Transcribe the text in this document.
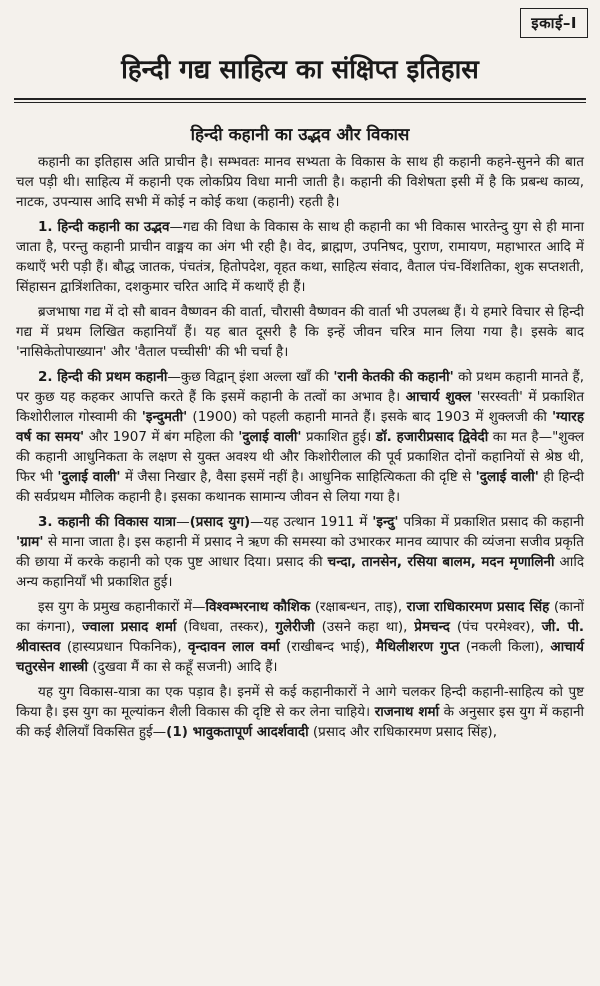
इकाई–I
हिन्दी गद्य साहित्य का संक्षिप्त इतिहास
हिन्दी कहानी का उद्भव और विकास

कहानी का इतिहास अति प्राचीन है। सम्भवतः मानव सभ्यता के विकास के साथ ही कहानी कहने-सुनने की बात चल पड़ी थी। साहित्य में कहानी एक लोकप्रिय विधा मानी जाती है। कहानी की विशेषता इसी में है कि प्रबन्ध काव्य, नाटक, उपन्यास आदि सभी में कोई न कोई कथा (कहानी) रहती है।

1. हिन्दी कहानी का उद्भव—गद्य की विधा के विकास के साथ ही कहानी का भी विकास भारतेन्दु युग से ही माना जाता है, परन्तु कहानी प्राचीन वाङ्मय का अंग भी रही है। वेद, ब्राह्मण, उपनिषद, पुराण, रामायण, महाभारत आदि में कथाएँ भरी पड़ी हैं। बौद्ध जातक, पंचतंत्र, हितोपदेश, वृहत कथा, साहित्य संवाद, वैताल पंच-विंशतिका, शुक सप्तशती, सिंहासन द्वात्रिंशतिका, दशकुमार चरित आदि में कथाएँ ही हैं।

ब्रजभाषा गद्य में दो सौ बावन वैष्णवन की वार्ता, चौरासी वैष्णवन की वार्ता भी उपलब्ध हैं। ये हमारे विचार से हिन्दी गद्य में प्रथम लिखित कहानियाँ हैं। यह बात दूसरी है कि इन्हें जीवन चरित्र मान लिया गया है। इसके बाद 'नासिकेतोपाख्यान' और 'वैताल पच्चीसी' की भी चर्चा है।

2. हिन्दी की प्रथम कहानी—कुछ विद्वान् इंशा अल्ला खाँ की 'रानी केतकी की कहानी' को प्रथम कहानी मानते हैं, पर कुछ यह कहकर आपत्ति करते हैं कि इसमें कहानी के तत्वों का अभाव है। आचार्य शुक्ल 'सरस्वती' में प्रकाशित किशोरीलाल गोस्वामी की 'इन्दुमती' (1900) को पहली कहानी मानते हैं। इसके बाद 1903 में शुक्लजी की 'ग्यारह वर्ष का समय' और 1907 में बंग महिला की 'दुलाई वाली' प्रकाशित हुई। डॉ. हजारीप्रसाद द्विवेदी का मत है—"शुक्ल की कहानी आधुनिकता के लक्षण से युक्त अवश्य थी और किशोरीलाल की पूर्व प्रकाशित दोनों कहानियों से श्रेष्ठ थी, फिर भी 'दुलाई वाली' में जैसा निखार है, वैसा इसमें नहीं है। आधुनिक साहित्यिकता की दृष्टि से 'दुलाई वाली' ही हिन्दी की सर्वप्रथम मौलिक कहानी है। इसका कथानक सामान्य जीवन से लिया गया है।

3. कहानी की विकास यात्रा—(प्रसाद युग)—यह उत्थान 1911 में 'इन्दु' पत्रिका में प्रकाशित प्रसाद की कहानी 'ग्राम' से माना जाता है। इस कहानी में प्रसाद ने ऋण की समस्या को उभारकर मानव व्यापार की व्यंजना सजीव प्रकृति की छाया में करके कहानी को एक पुष्ट आधार दिया। प्रसाद की चन्दा, तानसेन, रसिया बालम, मदन मृणालिनी आदि अन्य कहानियाँ भी प्रकाशित हुई।

इस युग के प्रमुख कहानीकारों में—विश्वम्भरनाथ कौशिक (रक्षाबन्धन, ताइ), राजा राधिकारमण प्रसाद सिंह (कानों का कंगना), ज्वाला प्रसाद शर्मा (विधवा, तस्कर), गुलेरीजी (उसने कहा था), प्रेमचन्द (पंच परमेश्वर), जी. पी. श्रीवास्तव (हास्यप्रधान पिकनिक), वृन्दावन लाल वर्मा (राखीबन्द भाई), मैथिलीशरण गुप्त (नकली किला), आचार्य चतुरसेन शास्त्री (दुखवा मैं का से कहूँ सजनी) आदि हैं।

यह युग विकास-यात्रा का एक पड़ाव है। इनमें से कई कहानीकारों ने आगे चलकर हिन्दी कहानी-साहित्य को पुष्ट किया है। इस युग का मूल्यांकन शैली विकास की दृष्टि से कर लेना चाहिये। राजनाथ शर्मा के अनुसार इस युग में कहानी की कई शैलियाँ विकसित हुई—(1) भावुकतापूर्ण आदर्शवादी (प्रसाद और राधिकारमण प्रसाद सिंह),
